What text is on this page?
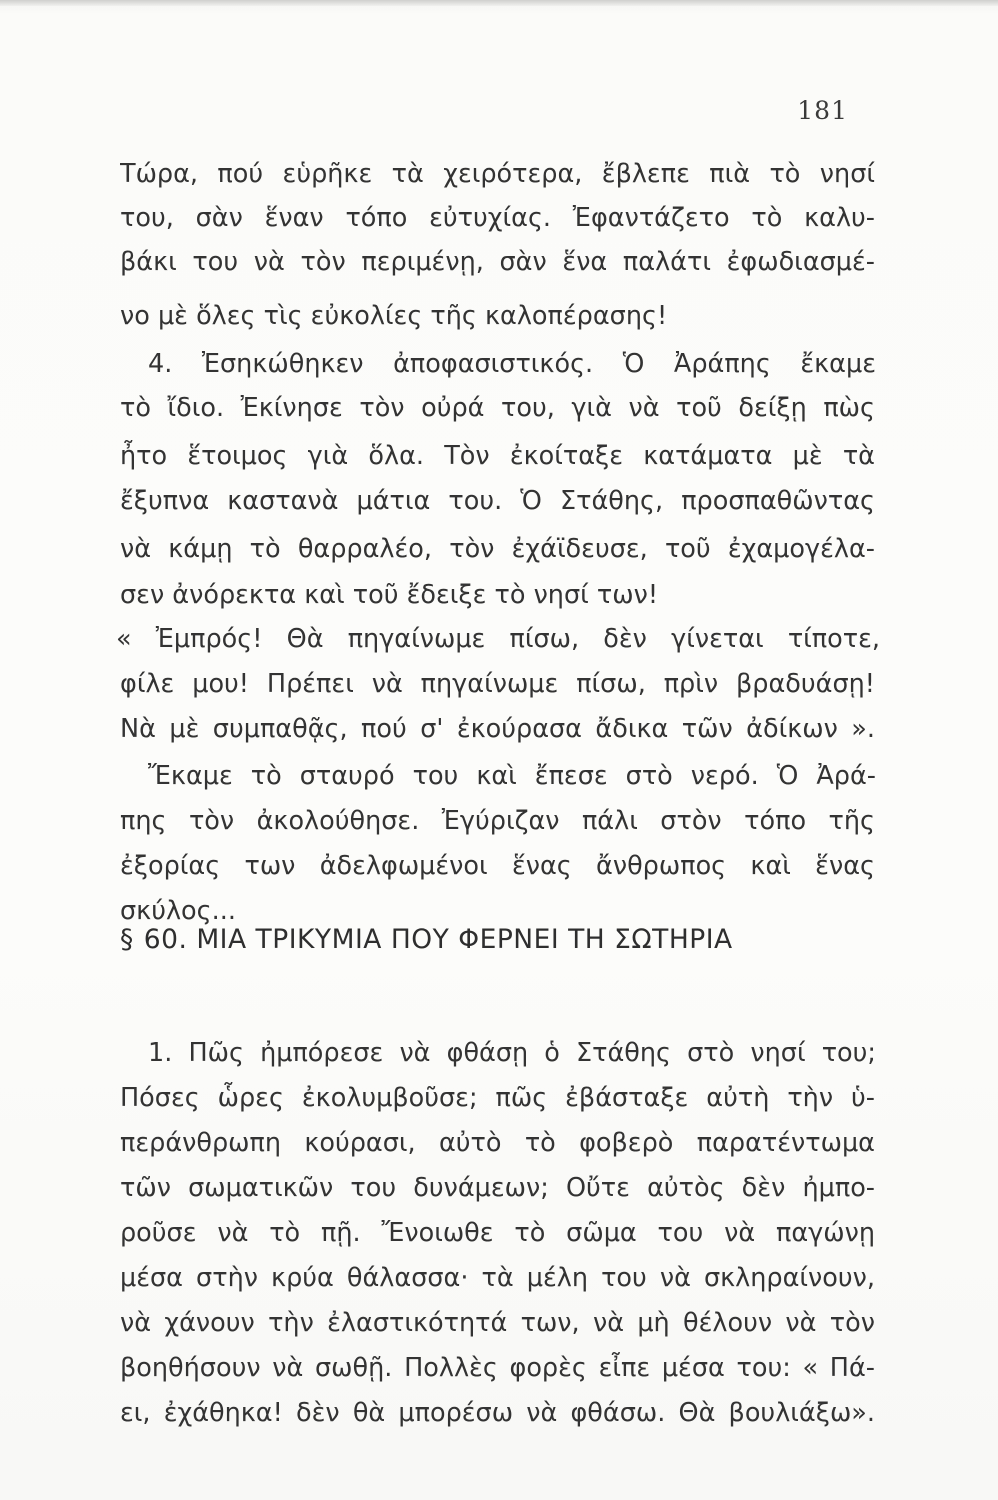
181
Τώρα, πού εὑρῆκε τὰ χειρότερα, ἔβλεπε πιὰ τὸ νησί
του, σὰν ἕναν τόπο εὐτυχίας. Ἐφαντάζετο τὸ καλυ-
βάκι του νὰ τὸν περιμένῃ, σὰν ἕνα παλάτι ἐφωδιασμέ-
νο μὲ ὅλες τὶς εὐκολίες τῆς καλοπέρασης!
4. Ἐσηκώθηκεν ἀποφασιστικός. Ὁ Ἀράπης ἔκαμε
τὸ ἴδιο. Ἐκίνησε τὸν οὐρά του, γιὰ νὰ τοῦ δείξῃ πὼς
ἦτο ἕτοιμος γιὰ ὅλα. Τὸν ἐκοίταξε κατάματα μὲ τὰ
ἔξυπνα καστανὰ μάτια του. Ὁ Στάθης, προσπαθῶντας
νὰ κάμῃ τὸ θαρραλέο, τὸν ἐχάϊδευσε, τοῦ ἐχαμογέλα-
σεν ἀνόρεκτα καὶ τοῦ ἔδειξε τὸ νησί των!
« Ἐμπρός! Θὰ πηγαίνωμε πίσω, δὲν γίνεται τίποτε,
φίλε μου! Πρέπει νὰ πηγαίνωμε πίσω, πρὶν βραδυάσῃ!
Νὰ μὲ συμπαθᾷς, πού σ' ἐκούρασα ἄδικα τῶν ἀδίκων ».
Ἔκαμε τὸ σταυρό του καὶ ἔπεσε στὸ νερό. Ὁ Ἀρά-
πης τὸν ἀκολούθησε. Ἐγύριζαν πάλι στὸν τόπο τῆς
ἐξορίας των ἀδελφωμένοι ἕνας ἄνθρωπος καὶ ἕνας
σκύλος...
§ 60. ΜΙΑ ΤΡΙΚΥΜΙΑ ΠΟΥ ΦΕΡΝΕΙ ΤΗ ΣΩΤΗΡΙΑ
1. Πῶς ἠμπόρεσε νὰ φθάσῃ ὁ Στάθης στὸ νησί του;
Πόσες ὧρες ἐκολυμβοῦσε; πῶς ἐβάσταξε αὐτὴ τὴν ὑ-
περάνθρωπη κούρασι, αὐτὸ τὸ φοβερὸ παρατέντωμα
τῶν σωματικῶν του δυνάμεων; Οὔτε αὐτὸς δὲν ἠμπο-
ροῦσε νὰ τὸ πῇ. Ἔνοιωθε τὸ σῶμα του νὰ παγώνῃ
μέσα στὴν κρύα θάλασσα· τὰ μέλη του νὰ σκληραίνουν,
νὰ χάνουν τὴν ἐλαστικότητά των, νὰ μὴ θέλουν νὰ τὸν
βοηθήσουν νὰ σωθῇ. Πολλὲς φορὲς εἶπε μέσα του: « Πά-
ει, ἐχάθηκα! δὲν θὰ μπορέσω νὰ φθάσω. Θὰ βουλιάξω».
